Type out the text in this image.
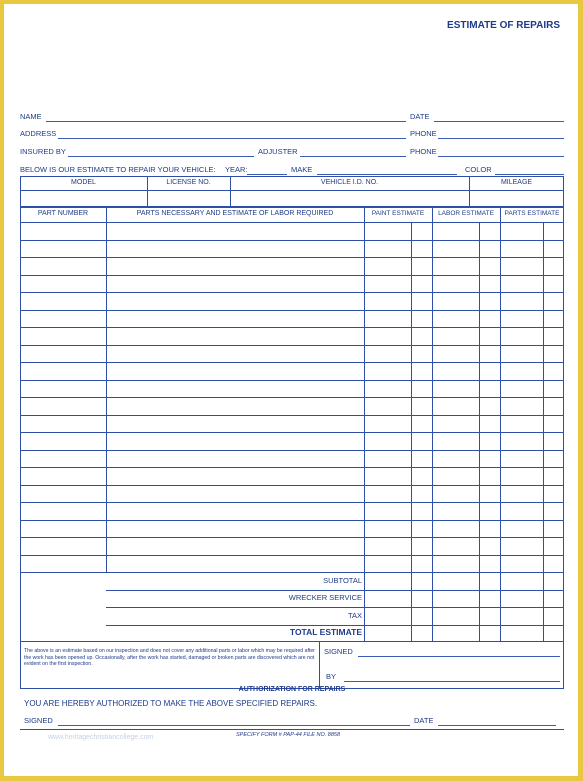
ESTIMATE OF REPAIRS
NAME	DATE
ADDRESS	PHONE
INSURED BY	ADJUSTER	PHONE
BELOW IS OUR ESTIMATE TO REPAIR YOUR VEHICLE: YEAR:	MAKE	COLOR
MODEL	LICENSE NO.	VEHICLE I.D. NO.	MILEAGE
PART NUMBER	PARTS NECESSARY AND ESTIMATE OF LABOR REQUIRED	PAINT ESTIMATE	LABOR ESTIMATE	PARTS ESTIMATE
SUBTOTAL
WRECKER SERVICE
TAX
TOTAL ESTIMATE
The above is an estimate based on our inspection and does not cover any additional parts or labor which may be required after the work has been opened up. Occasionally, after the work has started, damaged or broken parts are discovered which are not evident on the first inspection.
SIGNED
BY
AUTHORIZATION FOR REPAIRS
YOU ARE HEREBY AUTHORIZED TO MAKE THE ABOVE SPECIFIED REPAIRS.
SIGNED	DATE
SPECIFY FORM # PAP-44 FILE NO. 8858
www.heritagechristiancollege.com
